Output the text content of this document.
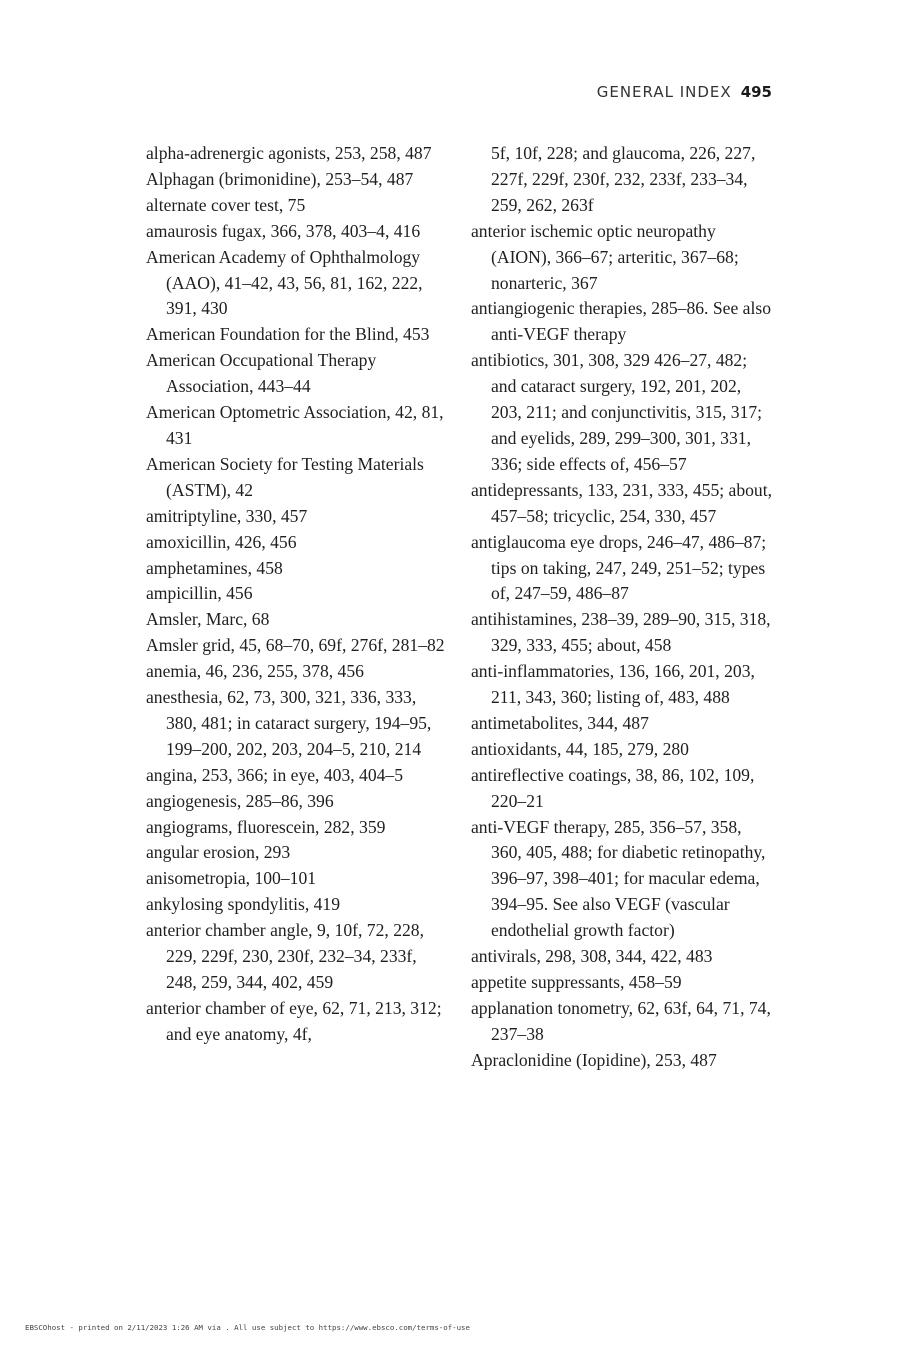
GENERAL INDEX 495
alpha-adrenergic agonists, 253, 258, 487
Alphagan (brimonidine), 253–54, 487
alternate cover test, 75
amaurosis fugax, 366, 378, 403–4, 416
American Academy of Ophthalmology (AAO), 41–42, 43, 56, 81, 162, 222, 391, 430
American Foundation for the Blind, 453
American Occupational Therapy Association, 443–44
American Optometric Association, 42, 81, 431
American Society for Testing Materials (ASTM), 42
amitriptyline, 330, 457
amoxicillin, 426, 456
amphetamines, 458
ampicillin, 456
Amsler, Marc, 68
Amsler grid, 45, 68–70, 69f, 276f, 281–82
anemia, 46, 236, 255, 378, 456
anesthesia, 62, 73, 300, 321, 336, 333, 380, 481; in cataract surgery, 194–95, 199–200, 202, 203, 204–5, 210, 214
angina, 253, 366; in eye, 403, 404–5
angiogenesis, 285–86, 396
angiograms, fluorescein, 282, 359
angular erosion, 293
anisometropia, 100–101
ankylosing spondylitis, 419
anterior chamber angle, 9, 10f, 72, 228, 229, 229f, 230, 230f, 232–34, 233f, 248, 259, 344, 402, 459
anterior chamber of eye, 62, 71, 213, 312; and eye anatomy, 4f,
5f, 10f, 228; and glaucoma, 226, 227, 227f, 229f, 230f, 232, 233f, 233–34, 259, 262, 263f
anterior ischemic optic neuropathy (AION), 366–67; arteritic, 367–68; nonarteric, 367
antiangiogenic therapies, 285–86. See also anti-VEGF therapy
antibiotics, 301, 308, 329 426–27, 482; and cataract surgery, 192, 201, 202, 203, 211; and conjunctivitis, 315, 317; and eyelids, 289, 299–300, 301, 331, 336; side effects of, 456–57
antidepressants, 133, 231, 333, 455; about, 457–58; tricyclic, 254, 330, 457
antiglaucoma eye drops, 246–47, 486–87; tips on taking, 247, 249, 251–52; types of, 247–59, 486–87
antihistamines, 238–39, 289–90, 315, 318, 329, 333, 455; about, 458
anti-inflammatories, 136, 166, 201, 203, 211, 343, 360; listing of, 483, 488
antimetabolites, 344, 487
antioxidants, 44, 185, 279, 280
antireflective coatings, 38, 86, 102, 109, 220–21
anti-VEGF therapy, 285, 356–57, 358, 360, 405, 488; for diabetic retinopathy, 396–97, 398–401; for macular edema, 394–95. See also VEGF (vascular endothelial growth factor)
antivirals, 298, 308, 344, 422, 483
appetite suppressants, 458–59
applanation tonometry, 62, 63f, 64, 71, 74, 237–38
Apraclonidine (Iopidine), 253, 487
EBSCOhost - printed on 2/11/2023 1:26 AM via . All use subject to https://www.ebsco.com/terms-of-use
